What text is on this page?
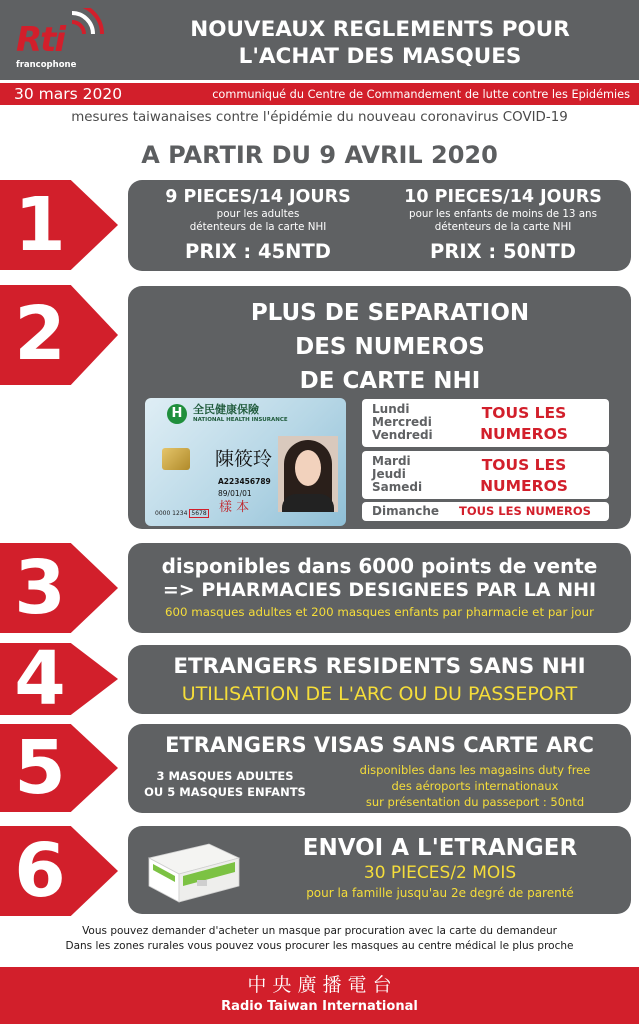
Rti
francophone
NOUVEAUX REGLEMENTS POUR
L'ACHAT DES MASQUES
30 mars 2020	communiqué du Centre de Commandement de lutte contre les Epidémies
mesures taiwanaises contre l'épidémie du nouveau coronavirus COVID-19
A PARTIR DU 9 AVRIL 2020
1	9 PIECES/14 JOURS
pour les adultes
détenteurs de la carte NHI
PRIX : 45NTD
10 PIECES/14 JOURS
pour les enfants de moins de 13 ans
détenteurs de la carte NHI
PRIX : 50NTD
2	PLUS DE SEPARATION
DES NUMEROS
DE CARTE NHI
H 全民健康保險
NATIONAL HEALTH INSURANCE
陳筱玲
A223456789
89/01/01
樣 本
0000 1234 5678
Lundi
Mercredi
Vendredi
TOUS LES
NUMEROS
Mardi
Jeudi
Samedi
TOUS LES
NUMEROS
Dimanche	TOUS LES NUMEROS
3	disponibles dans 6000 points de vente
=> PHARMACIES DESIGNEES PAR LA NHI
600 masques adultes et 200 masques enfants par pharmacie et par jour
4	ETRANGERS RESIDENTS SANS NHI
UTILISATION DE L'ARC OU DU PASSEPORT
5	ETRANGERS VISAS SANS CARTE ARC
3 MASQUES ADULTES
OU 5 MASQUES ENFANTS
disponibles dans les magasins duty free
des aéroports internationaux
sur présentation du passeport : 50ntd
6	ENVOI A L'ETRANGER
30 PIECES/2 MOIS
pour la famille jusqu'au 2e degré de parenté
Vous pouvez demander d'acheter un masque par procuration avec la carte du demandeur
Dans les zones rurales vous pouvez vous procurer les masques au centre médical le plus proche
中 央 廣 播 電 台
Radio Taiwan International
